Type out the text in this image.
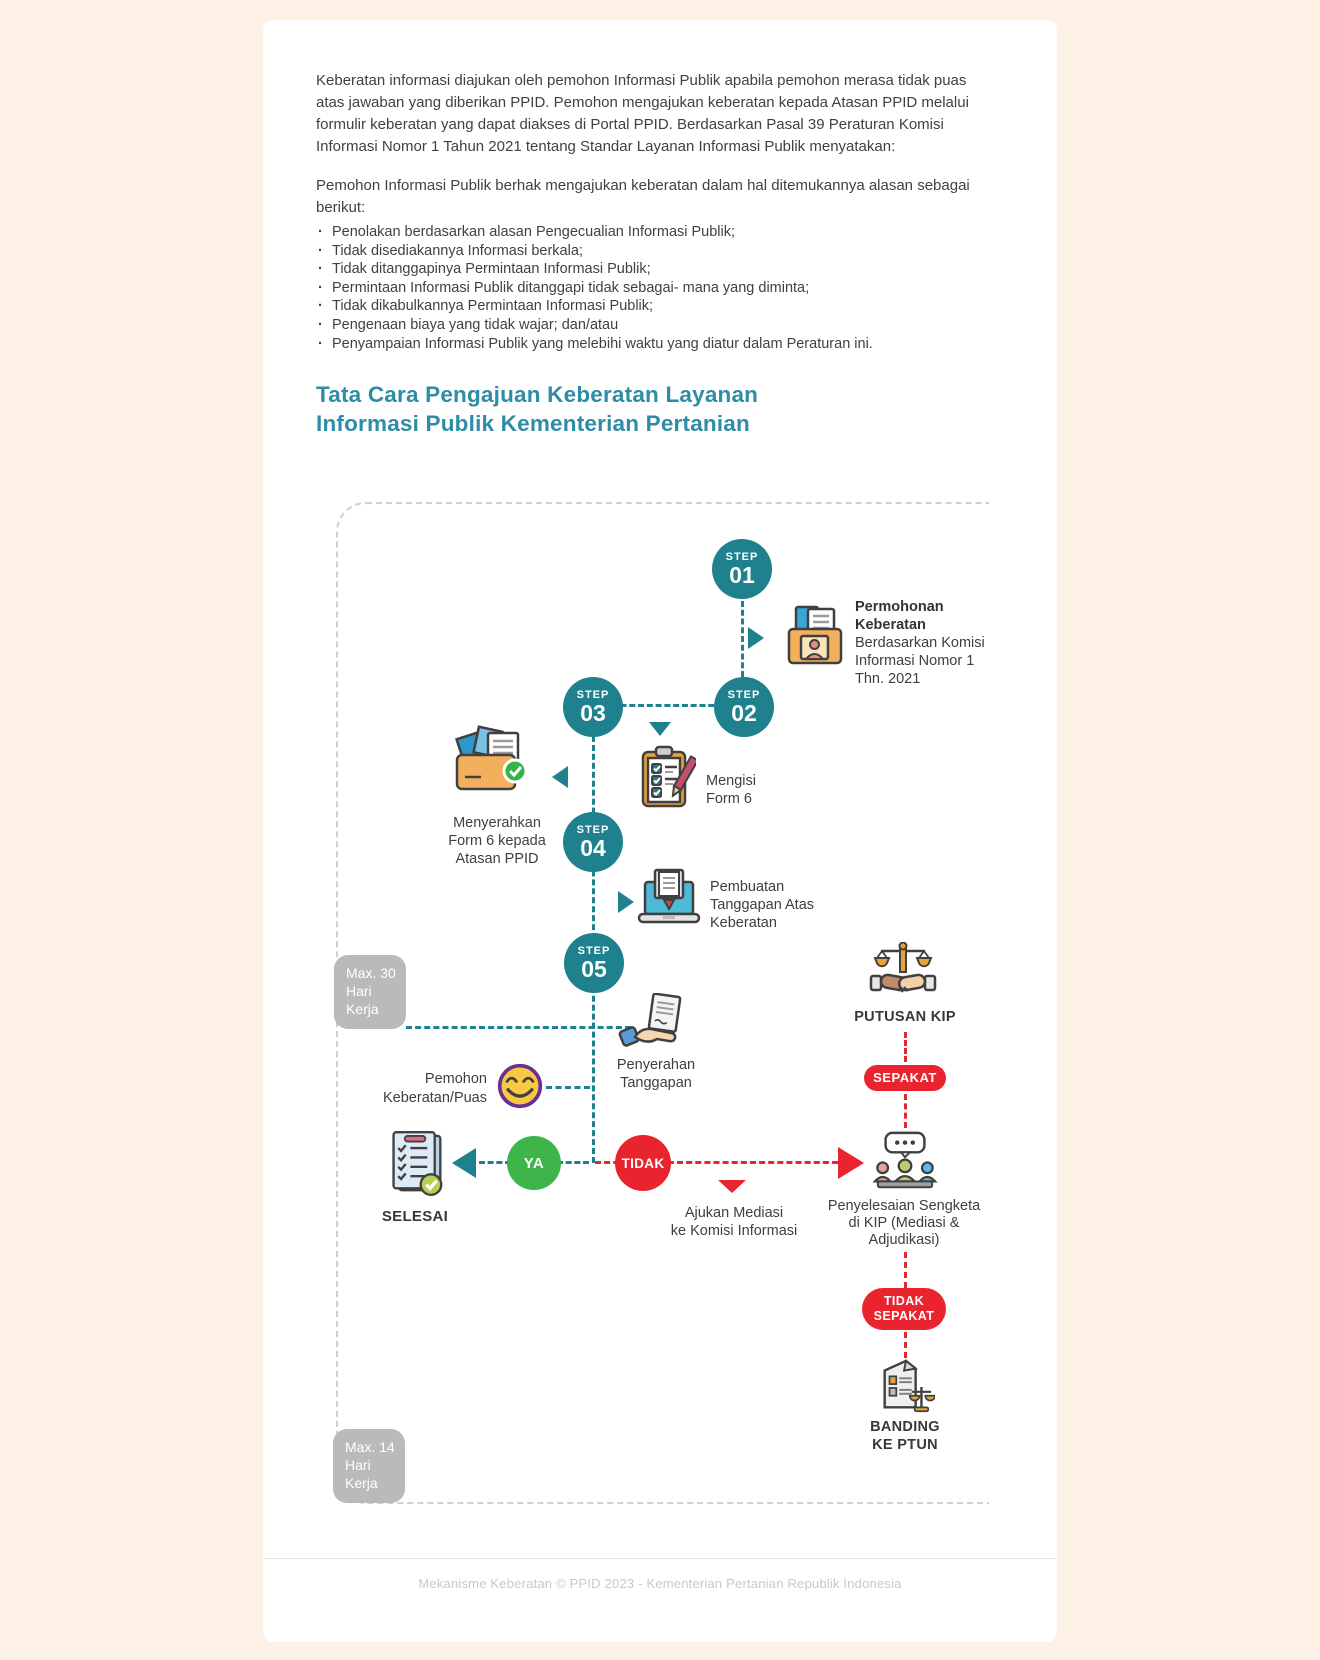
Keberatan informasi diajukan oleh pemohon Informasi Publik apabila pemohon merasa tidak puas atas jawaban yang diberikan PPID. Pemohon mengajukan keberatan kepada Atasan PPID melalui formulir keberatan yang dapat diakses di Portal PPID. Berdasarkan Pasal 39 Peraturan Komisi Informasi Nomor 1 Tahun 2021 tentang Standar Layanan Informasi Publik menyatakan:

Pemohon Informasi Publik berhak mengajukan keberatan dalam hal ditemukannya alasan sebagai berikut:

· Penolakan berdasarkan alasan Pengecualian Informasi Publik;
· Tidak disediakannya Informasi berkala;
· Tidak ditanggapinya Permintaan Informasi Publik;
· Permintaan Informasi Publik ditanggapi tidak sebagai- mana yang diminta;
· Tidak dikabulkannya Permintaan Informasi Publik;
· Pengenaan biaya yang tidak wajar; dan/atau
· Penyampaian Informasi Publik yang melebihi waktu yang diatur dalam Peraturan ini.
Tata Cara Pengajuan Keberatan Layanan
Informasi Publik Kementerian Pertanian
STEP
01
STEP
02
STEP
03
STEP
04
STEP
05
YA	TIDAK
SEPAKAT
TIDAK SEPAKAT
Max. 30 Hari Kerja
Max. 14 Hari Kerja
Permohonan Keberatan
Berdasarkan Komisi Informasi Nomor 1 Thn. 2021
Mengisi Form 6
Menyerahkan Form 6 kepada Atasan PPID
Pembuatan Tanggapan Atas Keberatan
Penyerahan Tanggapan
Pemohon Keberatan/Puas
SELESAI	Ajukan Mediasi
ke Komisi Informasi
PUTUSAN KIP
Penyelesaian Sengketa di KIP (Mediasi & Adjudikasi)
BANDING
KE PTUN
Mekanisme Keberatan © PPID 2023 - Kementerian Pertanian Republik Indonesia
